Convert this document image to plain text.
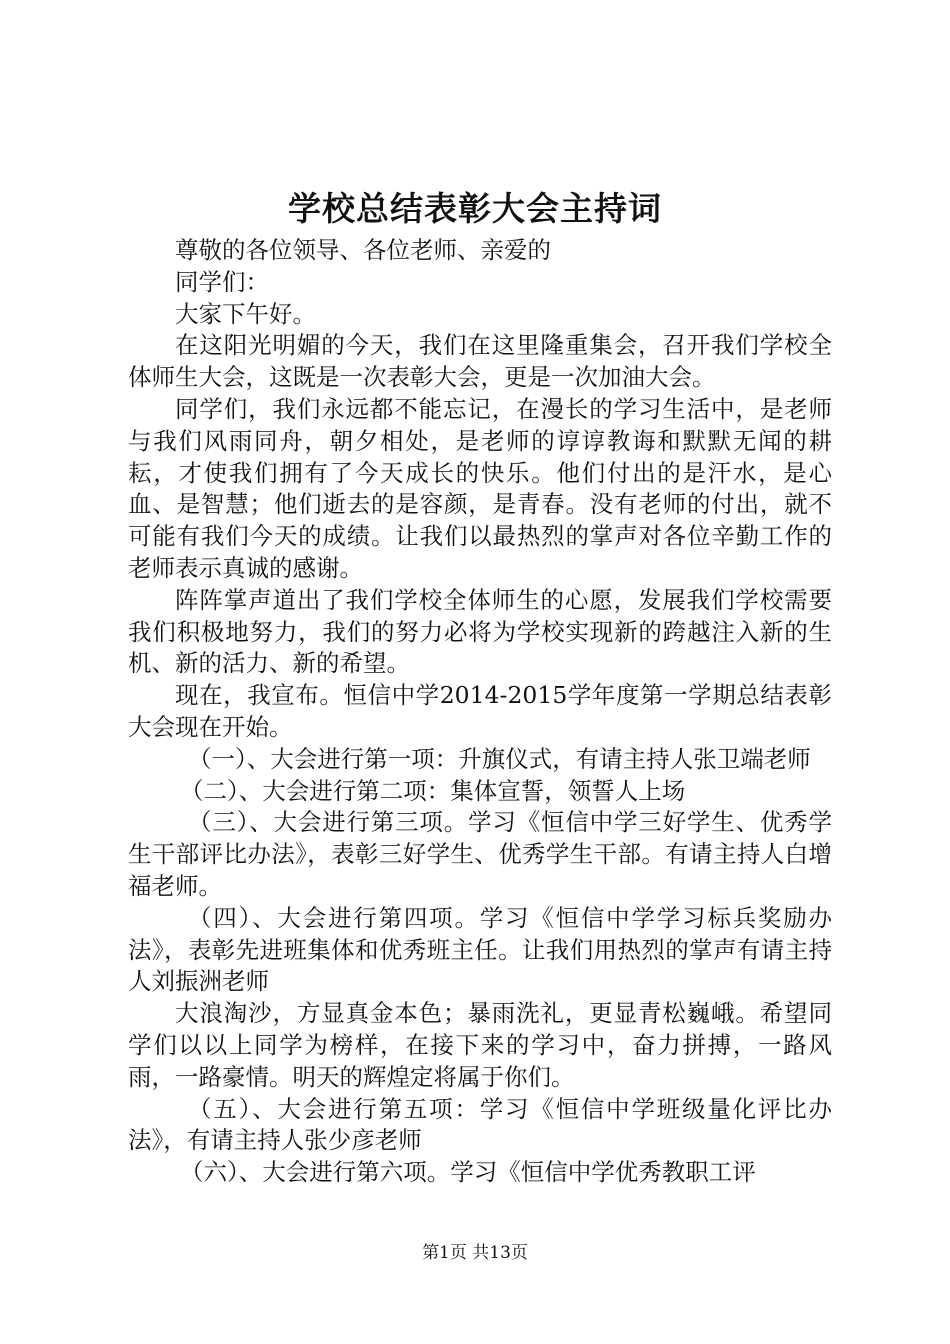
学校总结表彰大会主持词

尊敬的各位领导、各位老师、亲爱的

同学们：

大家下午好。

在这阳光明媚的今天，我们在这里隆重集会，召开我们学校全体师生大会，这既是一次表彰大会，更是一次加油大会。

同学们，我们永远都不能忘记，在漫长的学习生活中，是老师与我们风雨同舟，朝夕相处，是老师的谆谆教诲和默默无闻的耕耘，才使我们拥有了今天成长的快乐。他们付出的是汗水，是心血、是智慧；他们逝去的是容颜，是青春。没有老师的付出，就不可能有我们今天的成绩。让我们以最热烈的掌声对各位辛勤工作的老师表示真诚的感谢。

阵阵掌声道出了我们学校全体师生的心愿，发展我们学校需要我们积极地努力，我们的努力必将为学校实现新的跨越注入新的生机、新的活力、新的希望。

现在，我宣布。恒信中学2014-2015学年度第一学期总结表彰大会现在开始。

（一）、大会进行第一项：升旗仪式，有请主持人张卫端老师

（二）、大会进行第二项：集体宣誓，领誓人上场

（三）、大会进行第三项。学习《恒信中学三好学生、优秀学生干部评比办法》，表彰三好学生、优秀学生干部。有请主持人白增福老师。

（四）、大会进行第四项。学习《恒信中学学习标兵奖励办法》，表彰先进班集体和优秀班主任。让我们用热烈的掌声有请主持人刘振洲老师

大浪淘沙，方显真金本色；暴雨洗礼，更显青松巍峨。希望同学们以以上同学为榜样，在接下来的学习中，奋力拼搏，一路风雨，一路豪情。明天的辉煌定将属于你们。

（五）、大会进行第五项：学习《恒信中学班级量化评比办法》，有请主持人张少彦老师

（六）、大会进行第六项。学习《恒信中学优秀教职工评

第1页 共13页
